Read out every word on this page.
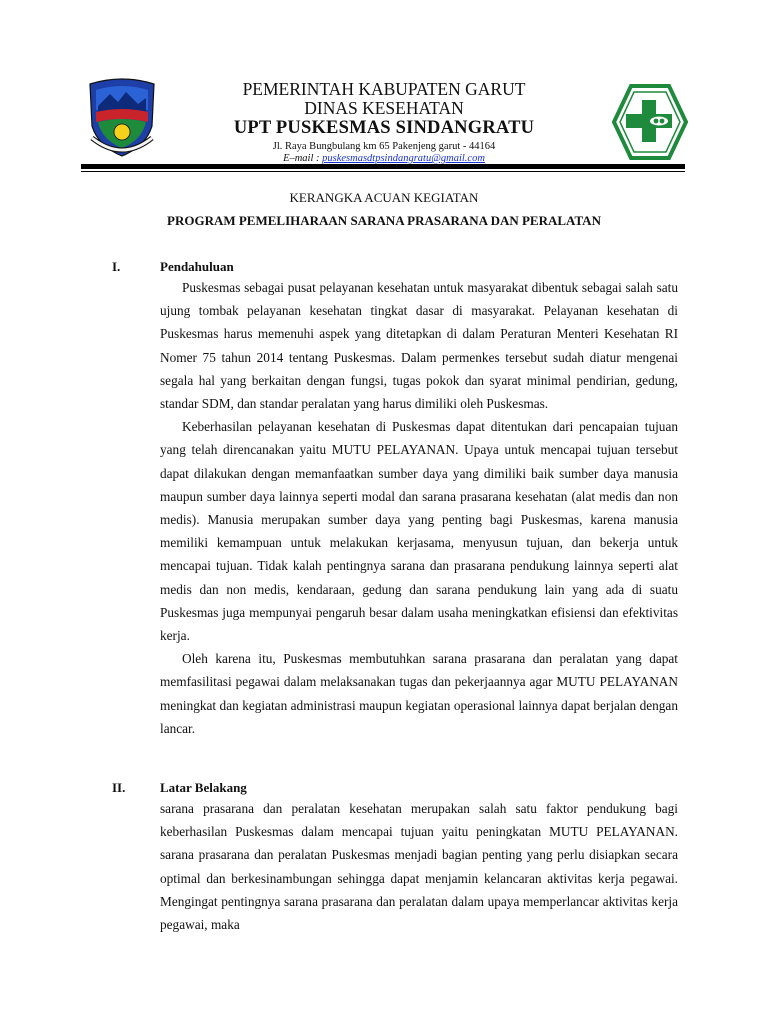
PEMERINTAH KABUPATEN GARUT
DINAS KESEHATAN
UPT PUSKESMAS SINDANGRATU
Jl. Raya Bungbulang km 65 Pakenjeng garut - 44164
E–mail : puskesmasdtpsindangratu@gmail.com
KERANGKA ACUAN KEGIATAN
PROGRAM PEMELIHARAAN SARANA PRASARANA DAN PERALATAN
I.	Pendahuluan

Puskesmas sebagai pusat pelayanan kesehatan untuk masyarakat dibentuk sebagai salah satu ujung tombak pelayanan kesehatan tingkat dasar di masyarakat. Pelayanan kesehatan di Puskesmas harus memenuhi aspek yang ditetapkan di dalam Peraturan Menteri Kesehatan RI Nomer 75 tahun 2014 tentang Puskesmas. Dalam permenkes tersebut sudah diatur mengenai segala hal yang berkaitan dengan fungsi, tugas pokok dan syarat minimal pendirian, gedung, standar SDM, dan standar peralatan yang harus dimiliki oleh Puskesmas.

Keberhasilan pelayanan kesehatan di Puskesmas dapat ditentukan dari pencapaian tujuan yang telah direncanakan yaitu MUTU PELAYANAN. Upaya untuk mencapai tujuan tersebut dapat dilakukan dengan memanfaatkan sumber daya yang dimiliki baik sumber daya manusia maupun sumber daya lainnya seperti modal dan sarana prasarana kesehatan (alat medis dan non medis). Manusia merupakan sumber daya yang penting bagi Puskesmas, karena manusia memiliki kemampuan untuk melakukan kerjasama, menyusun tujuan, dan bekerja untuk mencapai tujuan. Tidak kalah pentingnya sarana dan prasarana pendukung lainnya seperti alat medis dan non medis, kendaraan, gedung dan sarana pendukung lain yang ada di suatu Puskesmas juga mempunyai pengaruh besar dalam usaha meningkatkan efisiensi dan efektivitas kerja.

Oleh karena itu, Puskesmas membutuhkan sarana prasarana dan peralatan yang dapat memfasilitasi pegawai dalam melaksanakan tugas dan pekerjaannya agar MUTU PELAYANAN meningkat dan kegiatan administrasi maupun kegiatan operasional lainnya dapat berjalan dengan lancar.

II.	Latar Belakang

sarana prasarana dan peralatan kesehatan merupakan salah satu faktor pendukung bagi keberhasilan Puskesmas dalam mencapai tujuan yaitu peningkatan MUTU PELAYANAN. sarana prasarana dan peralatan Puskesmas menjadi bagian penting yang perlu disiapkan secara optimal dan berkesinambungan sehingga dapat menjamin kelancaran aktivitas kerja pegawai. Mengingat pentingnya sarana prasarana dan peralatan dalam upaya memperlancar aktivitas kerja pegawai, maka
